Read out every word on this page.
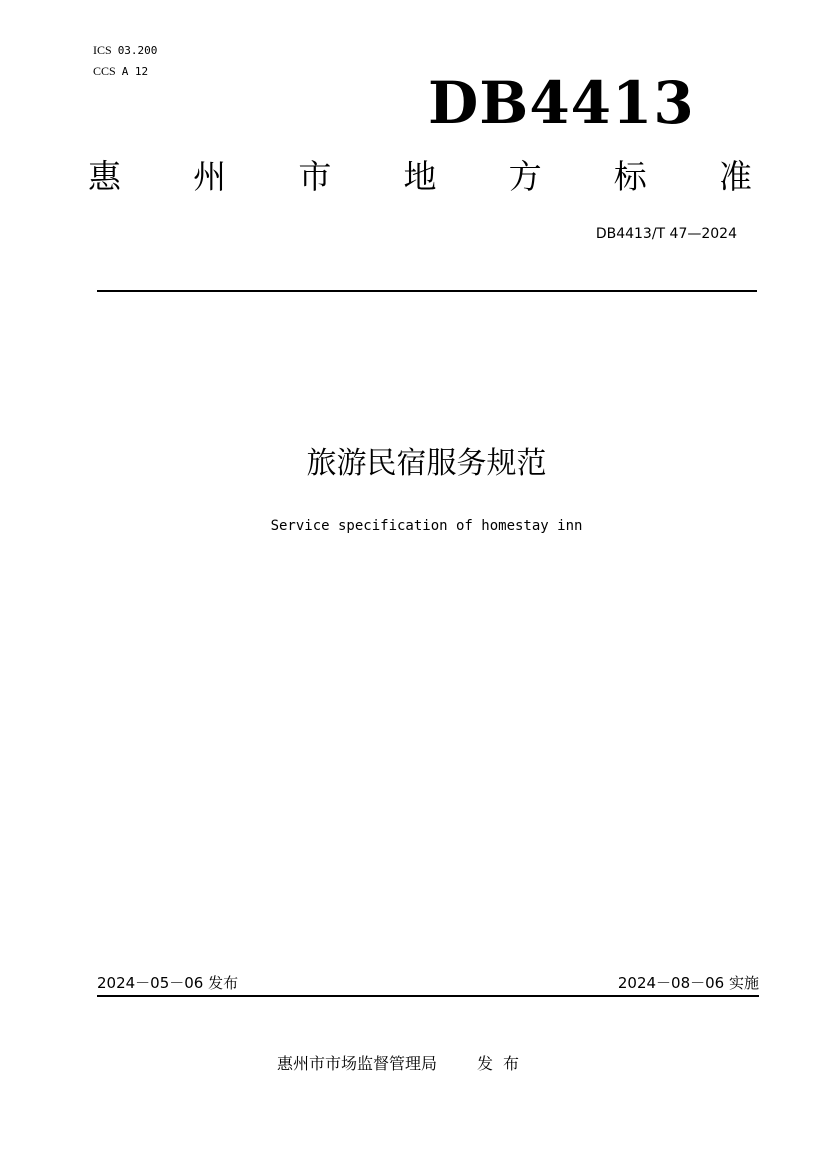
ICS 03.200
CCS A 12	DB4413
惠 州 市 地 方 标 准
DB4413/T 47—2024
旅游民宿服务规范
Service specification of homestay inn
2024－05－06 发布	2024－08－06 实施
惠州市市场监督管理局	发布
